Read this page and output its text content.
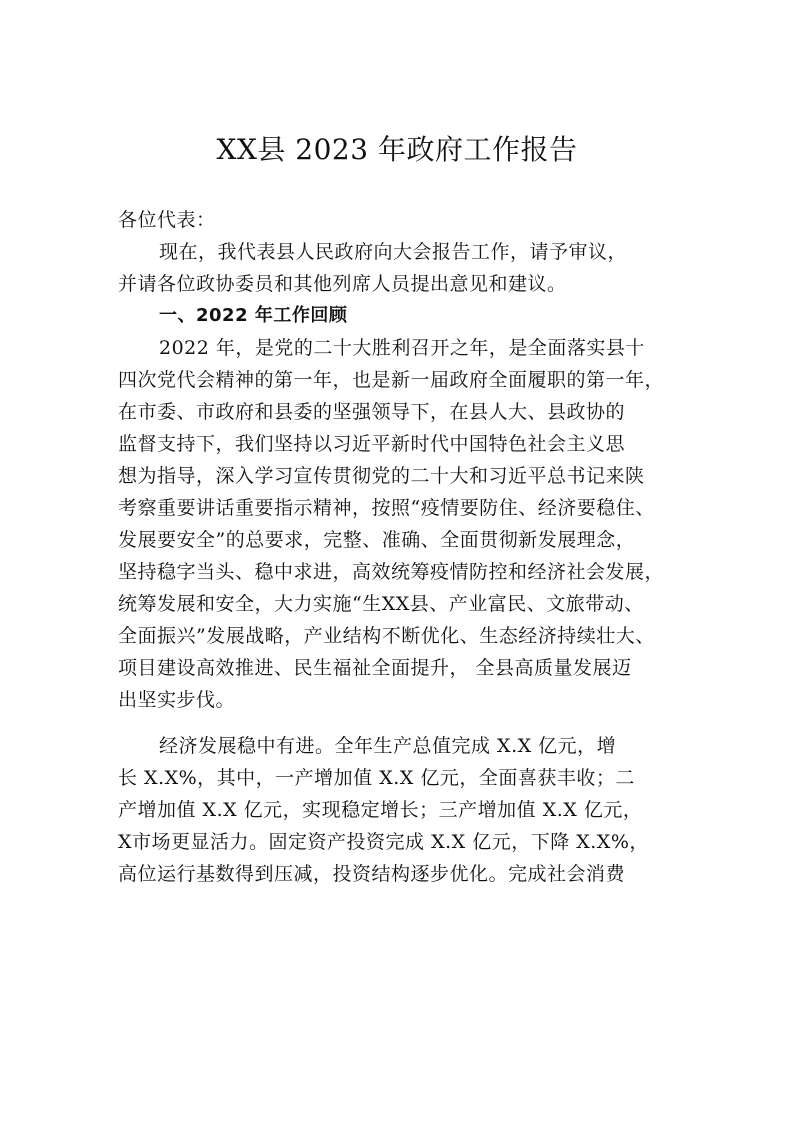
XX县 2023 年政府工作报告
各位代表：
现在，我代表县人民政府向大会报告工作，请予审议，
并请各位政协委员和其他列席人员提出意见和建议。
一、2022 年工作回顾
2022 年，是党的二十大胜利召开之年，是全面落实县十
四次党代会精神的第一年，也是新一届政府全面履职的第一年，
在市委、市政府和县委的坚强领导下，在县人大、县政协的
监督支持下，我们坚持以习近平新时代中国特色社会主义思
想为指导，深入学习宣传贯彻党的二十大和习近平总书记来陕
考察重要讲话重要指示精神，按照“疫情要防住、经济要稳住、
发展要安全”的总要求，完整、准确、全面贯彻新发展理念，
坚持稳字当头、稳中求进，高效统筹疫情防控和经济社会发展，
统筹发展和安全，大力实施“生XX县、产业富民、文旅带动、
全面振兴”发展战略，产业结构不断优化、生态经济持续壮大、
项目建设高效推进、民生福祉全面提升， 全县高质量发展迈
出坚实步伐。
经济发展稳中有进。全年生产总值完成 X.X 亿元，增
长 X.X%，其中，一产增加值 X.X 亿元，全面喜获丰收；二
产增加值 X.X 亿元，实现稳定增长；三产增加值 X.X 亿元，
X市场更显活力。固定资产投资完成 X.X 亿元，下降 X.X%，
高位运行基数得到压减，投资结构逐步优化。完成社会消费
